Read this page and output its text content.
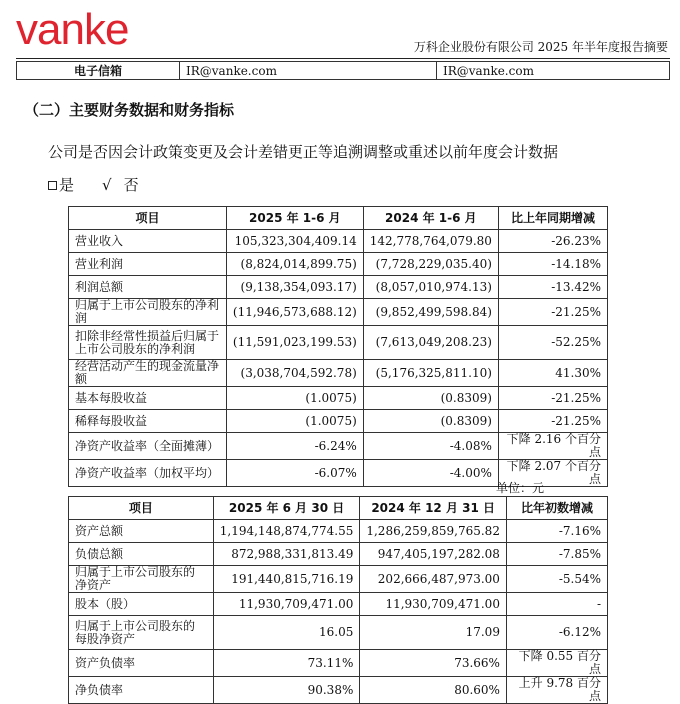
vanke	万科企业股份有限公司 2025 年半年度报告摘要
电子信箱	IR@vanke.com	IR@vanke.com
（二）主要财务数据和财务指标
公司是否因会计政策变更及会计差错更正等追溯调整或重述以前年度会计数据
是 √ 否
项目	2025 年 1-6 月	2024 年 1-6 月	比上年同期增减
营业收入	105,323,304,409.14	142,778,764,079.80	-26.23%
营业利润	(8,824,014,899.75)	(7,728,229,035.40)	-14.18%
利润总额	(9,138,354,093.17)	(8,057,010,974.13)	-13.42%
归属于上市公司股东的净利润	(11,946,573,688.12)	(9,852,499,598.84)	-21.25%
扣除非经常性损益后归属于上市公司股东的净利润	(11,591,023,199.53)	(7,613,049,208.23)	-52.25%
经营活动产生的现金流量净额	(3,038,704,592.78)	(5,176,325,811.10)	41.30%
基本每股收益	(1.0075)	(0.8309)	-21.25%
稀释每股收益	(1.0075)	(0.8309)	-21.25%
净资产收益率（全面摊薄）	-6.24%	-4.08%	下降 2.16 个百分点
净资产收益率（加权平均）	-6.07%	-4.00%	下降 2.07 个百分点
单位：元
项目	2025 年 6 月 30 日	2024 年 12 月 31 日	比年初数增减
资产总额	1,194,148,874,774.55	1,286,259,859,765.82	-7.16%
负债总额	872,988,331,813.49	947,405,197,282.08	-7.85%
归属于上市公司股东的净资产	191,440,815,716.19	202,666,487,973.00	-5.54%
股本（股）	11,930,709,471.00	11,930,709,471.00	-
归属于上市公司股东的每股净资产	16.05	17.09	-6.12%
资产负债率	73.11%	73.66%	下降 0.55 百分点
净负债率	90.38%	80.60%	上升 9.78 百分点
